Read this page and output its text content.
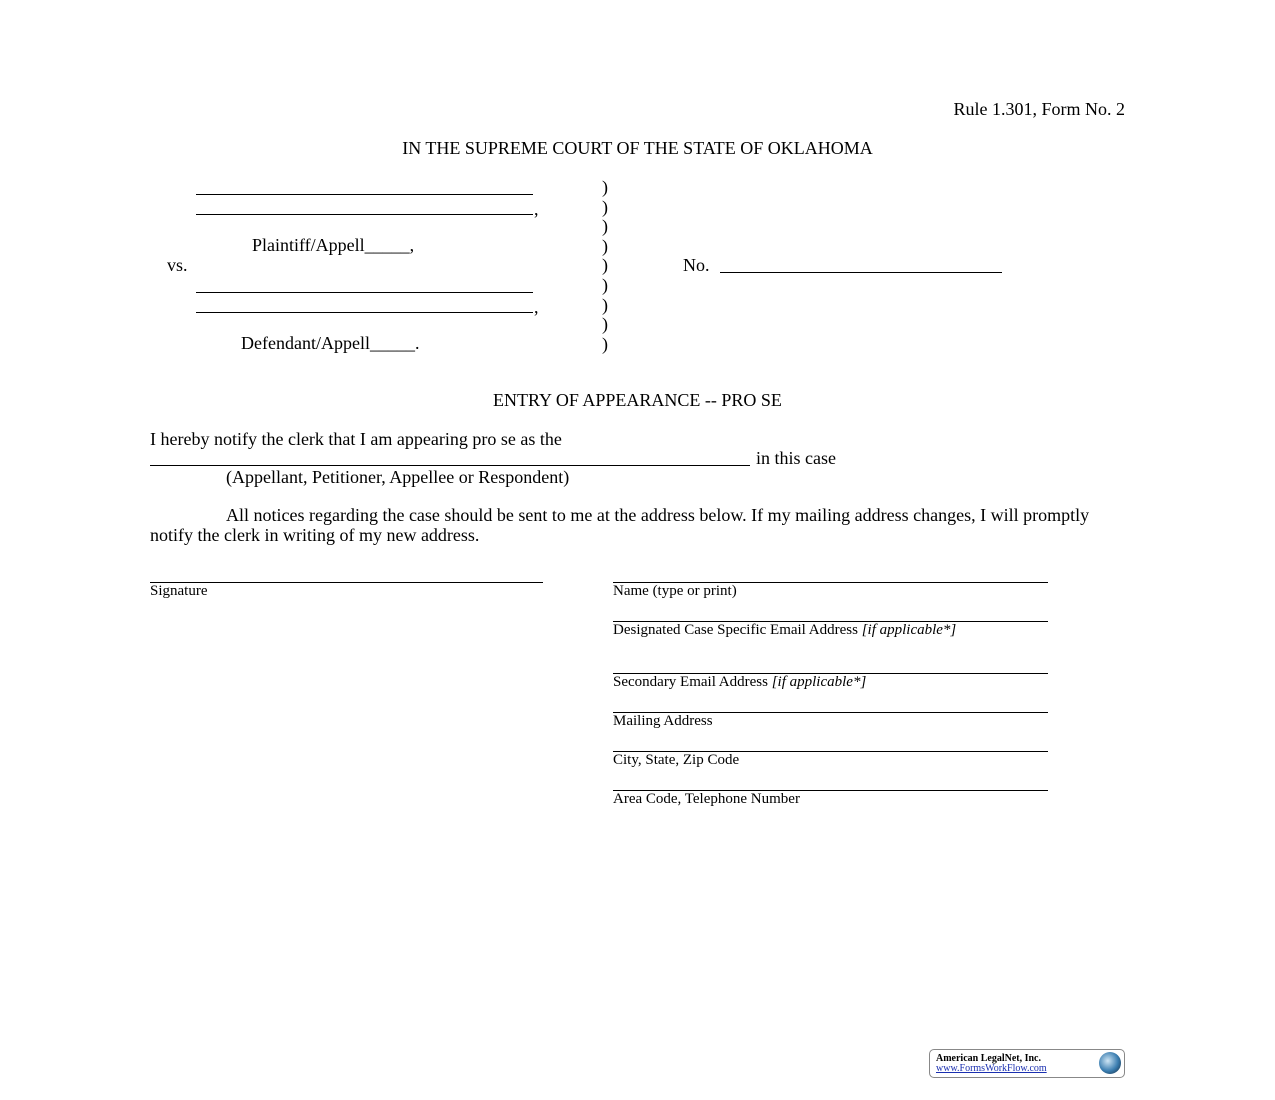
Rule 1.301, Form No. 2
IN THE SUPREME COURT OF THE STATE OF OKLAHOMA
,
Plaintiff/Appell_____,
vs.
,
Defendant/Appell_____.
)
)
)
)
)
)
)
)
)
No.
ENTRY OF APPEARANCE -- PRO SE
I hereby notify the clerk that I am appearing pro se as the
in this case
(Appellant, Petitioner, Appellee or Respondent)
All notices regarding the case should be sent to me at the address below. If my mailing address changes, I will promptly notify the clerk in writing of my new address.
Signature	Name (type or print)
Designated Case Specific Email Address [if applicable*]
Secondary Email Address [if applicable*]
Mailing Address
City, State, Zip Code
Area Code, Telephone Number
American LegalNet, Inc.
www.FormsWorkFlow.com
